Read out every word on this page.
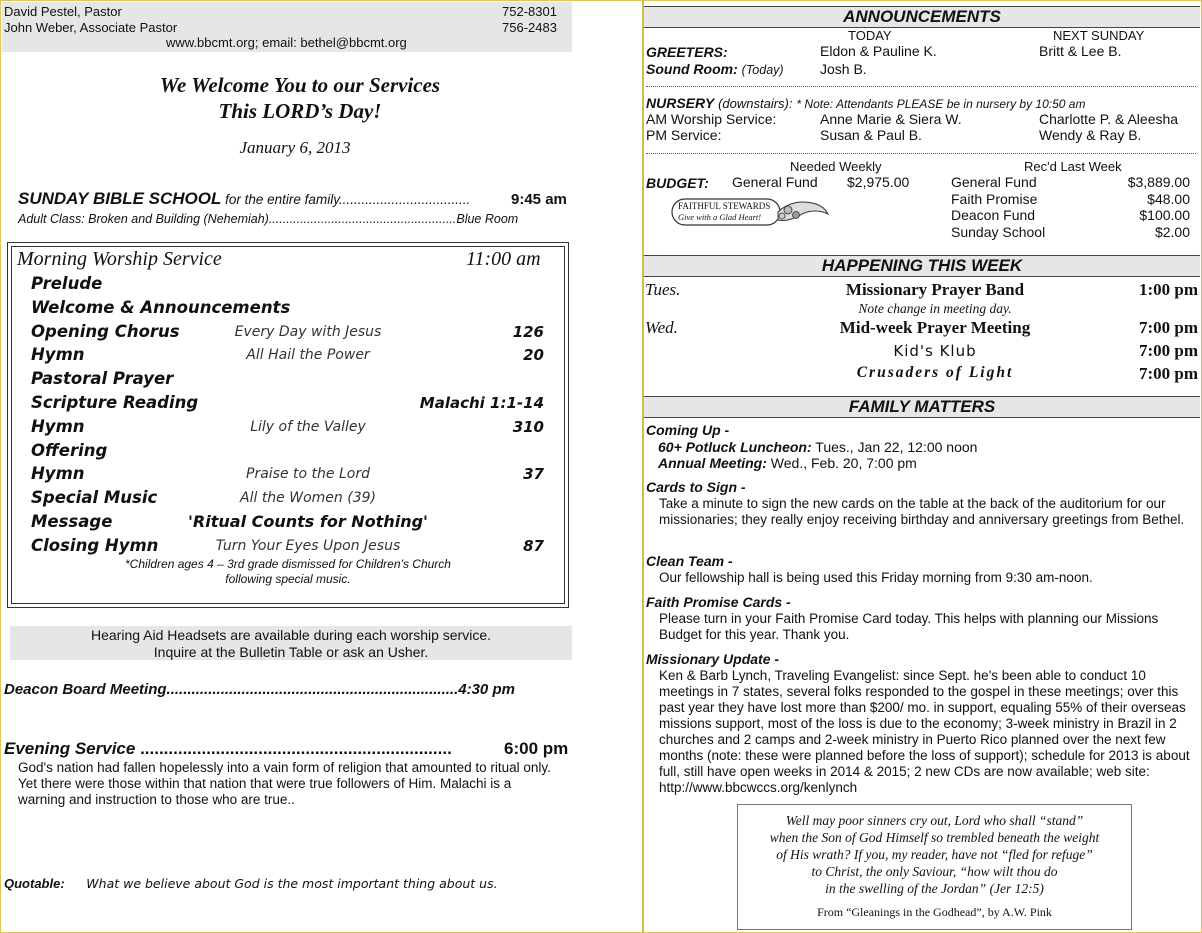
David Pestel, Pastor	752-8301
John Weber, Associate Pastor	756-2483
www.bbcmt.org; email: bethel@bbcmt.org
We Welcome You to our Services
This LORD’s Day!
January 6, 2013
SUNDAY BIBLE SCHOOL for the entire family...................................	9:45 am
Adult Class: Broken and Building (Nehemiah)......................................................Blue Room
Morning Worship Service	11:00 am
Prelude
Welcome & Announcements
Opening Chorus	Every Day with Jesus	126
Hymn	All Hail the Power	20
Pastoral Prayer
Scripture Reading	Malachi 1:1-14
Hymn	Lily of the Valley	310
Offering
Hymn	Praise to the Lord	37
Special Music	All the Women (39)
Message	'Ritual Counts for Nothing'
Closing Hymn	Turn Your Eyes Upon Jesus	87
*Children ages 4 – 3rd grade dismissed for Children’s Church
following special music.
Hearing Aid Headsets are available during each worship service.
Inquire at the Bulletin Table or ask an Usher.
Deacon Board Meeting......................................................................4:30 pm
Evening Service ..................................................................	6:00 pm
God's nation had fallen hopelessly into a vain form of religion that amounted to ritual only. Yet there were those within that nation that were true followers of Him. Malachi is a warning and instruction to those who are true..
Quotable: What we believe about God is the most important thing about us.
ANNOUNCEMENTS
TODAY	NEXT SUNDAY
GREETERS:	Eldon & Pauline K.	Britt & Lee B.
Sound Room: (Today)	Josh B.
NURSERY (downstairs): * Note: Attendants PLEASE be in nursery by 10:50 am
AM Worship Service:	Anne Marie & Siera W.	Charlotte P. & Aleesha
PM Service:	Susan & Paul B.	Wendy & Ray B.
Needed Weekly	Rec'd Last Week
BUDGET: General Fund $2,975.00
FAITHFUL STEWARDS
Give with a Glad Heart!
General Fund	$3,889.00
Faith Promise	$48.00
Deacon Fund	$100.00
Sunday School	$2.00
HAPPENING THIS WEEK
Tues.	Missionary Prayer Band	1:00 pm
Note change in meeting day.
Wed.	Mid-week Prayer Meeting	7:00 pm
Kid's Klub	7:00 pm
Crusaders of Light	7:00 pm
FAMILY MATTERS
Coming Up -
60+ Potluck Luncheon: Tues., Jan 22, 12:00 noon
Annual Meeting: Wed., Feb. 20, 7:00 pm
Cards to Sign -
Take a minute to sign the new cards on the table at the back of the auditorium for our missionaries; they really enjoy receiving birthday and anniversary greetings from Bethel.
Clean Team -
Our fellowship hall is being used this Friday morning from 9:30 am-noon.
Faith Promise Cards -
Please turn in your Faith Promise Card today. This helps with planning our Missions Budget for this year. Thank you.
Missionary Update -
Ken & Barb Lynch, Traveling Evangelist: since Sept. he's been able to conduct 10 meetings in 7 states, several folks responded to the gospel in these meetings; over this past year they have lost more than $200/ mo. in support, equaling 55% of their overseas missions support, most of the loss is due to the economy; 3-week ministry in Brazil in 2 churches and 2 camps and 2-week ministry in Puerto Rico planned over the next few months (note: these were planned before the loss of support); schedule for 2013 is about full, still have open weeks in 2014 & 2015; 2 new CDs are now available; web site: http://www.bbcwccs.org/kenlynch
Well may poor sinners cry out, Lord who shall “stand”
when the Son of God Himself so trembled beneath the weight
of His wrath? If you, my reader, have not “fled for refuge”
to Christ, the only Saviour, “how wilt thou do
in the swelling of the Jordan” (Jer 12:5)
From “Gleanings in the Godhead”, by A.W. Pink
